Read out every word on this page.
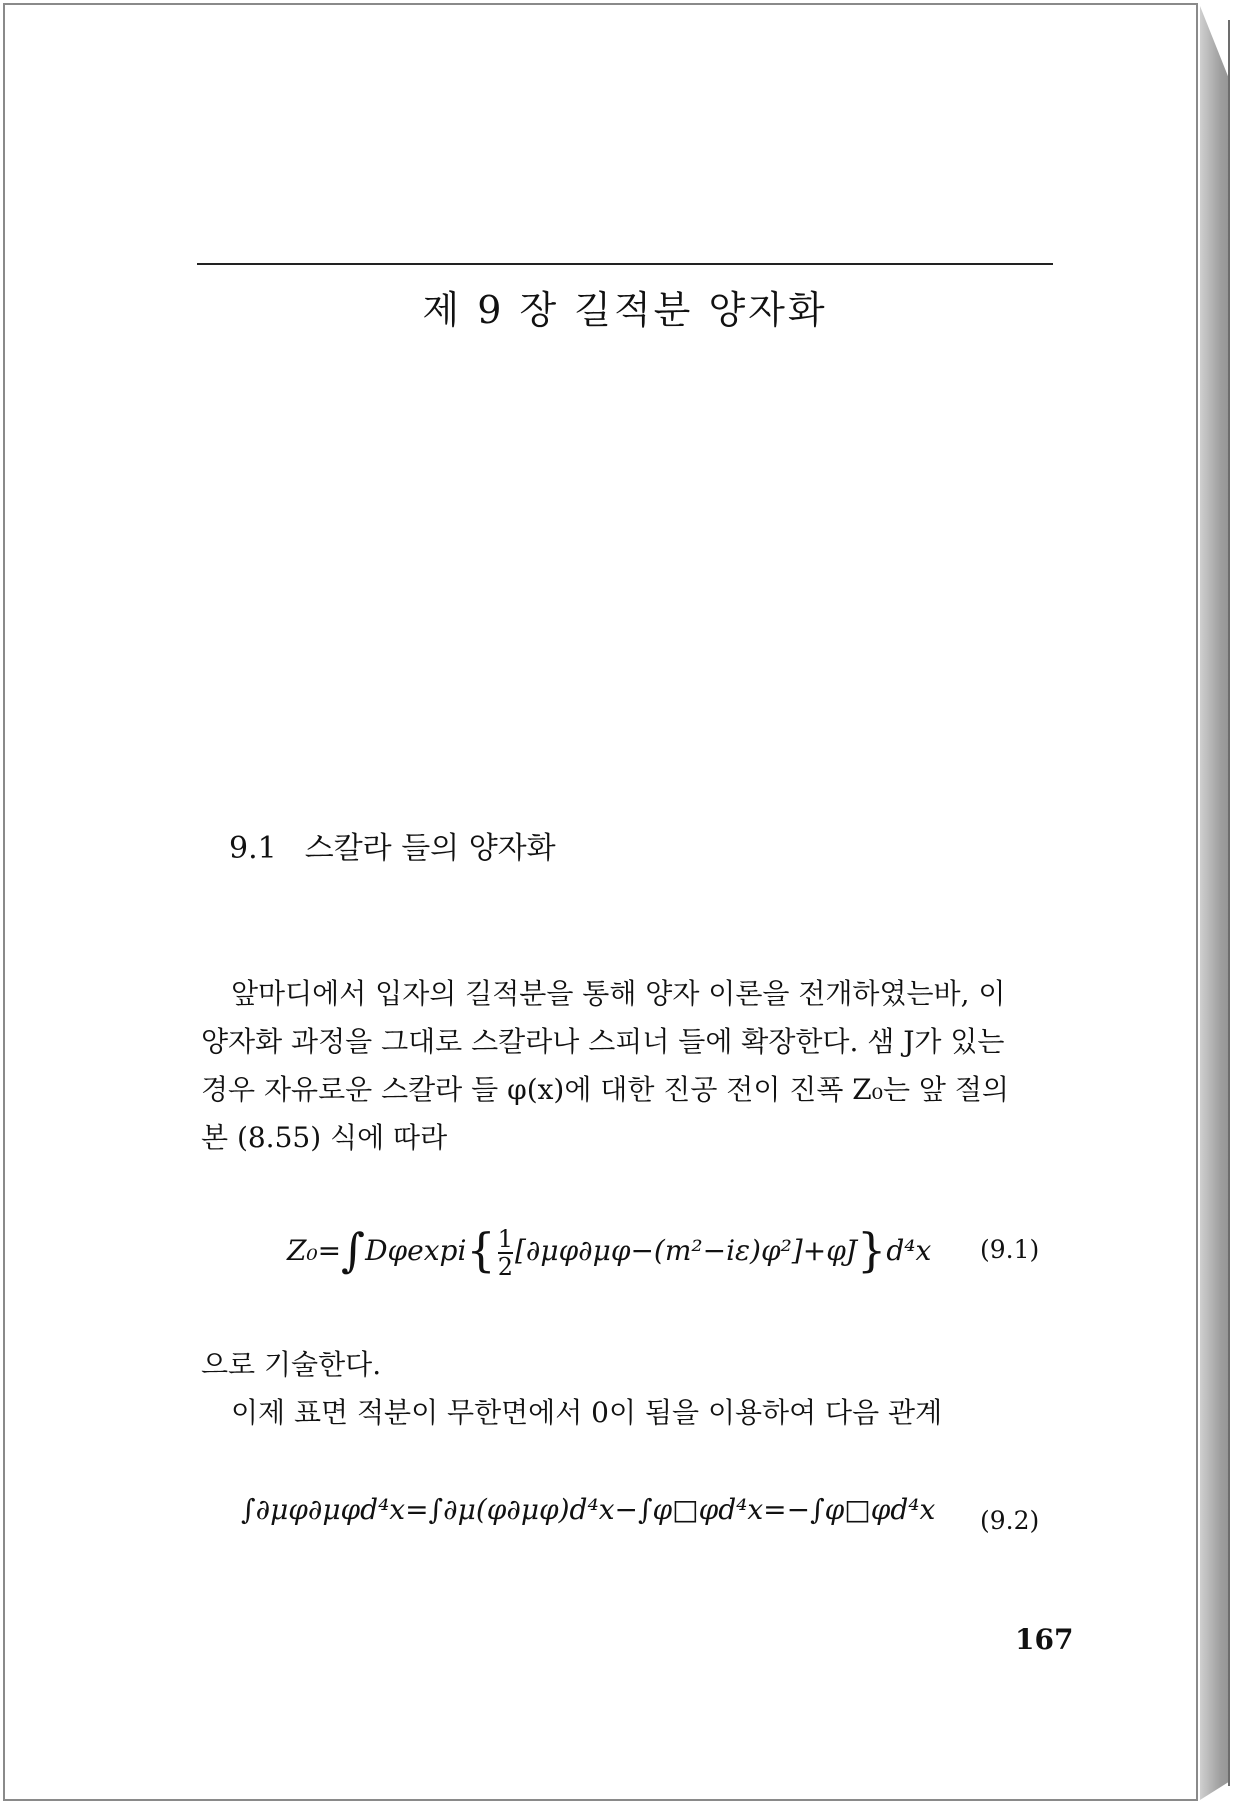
제 9 장 길적분 양자화
9.1 스칼라 들의 양자화
앞마디에서 입자의 길적분을 통해 양자 이론을 전개하였는바, 이
양자화 과정을 그대로 스칼라나 스피너 들에 확장한다. 샘 J가 있는
경우 자유로운 스칼라 들 φ(x)에 대한 진공 전이 진폭 Z₀는 앞 절의
본 (8.55) 식에 따라
$Z_0=\int D\varphi\exp i\{ \frac{1}{2} [\partial\mu\varphi\partial\mu\varphi-(m^2-i\varepsilon)\varphi^2]+\varphi J\}d^4x$ (9.1)
으로 기술한다.
이제 표면 적분이 무한면에서 0이 됨을 이용하여 다음 관계
∫∂μφ∂μφd⁴x=∫∂μ(φ∂μφ)d⁴x−∫φ□φd⁴x=−∫φ□φd⁴x (9.2)
167
